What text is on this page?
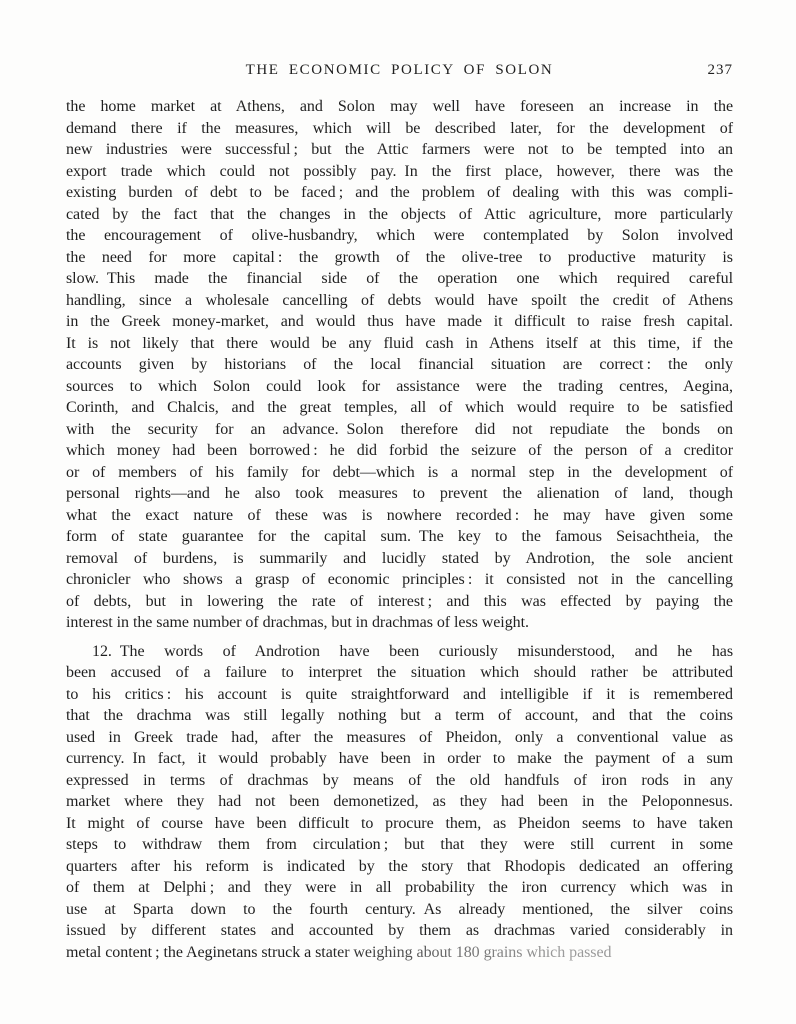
THE ECONOMIC POLICY OF SOLON	237
the home market at Athens, and Solon may well have foreseen an increase in the
demand there if the measures, which will be described later, for the development of
new industries were successful ; but the Attic farmers were not to be tempted into an
export trade which could not possibly pay. In the first place, however, there was the
existing burden of debt to be faced ; and the problem of dealing with this was compli-
cated by the fact that the changes in the objects of Attic agriculture, more particularly
the encouragement of olive-husbandry, which were contemplated by Solon involved
the need for more capital : the growth of the olive-tree to productive maturity is
slow. This made the financial side of the operation one which required careful
handling, since a wholesale cancelling of debts would have spoilt the credit of Athens
in the Greek money-market, and would thus have made it difficult to raise fresh capital.
It is not likely that there would be any fluid cash in Athens itself at this time, if the
accounts given by historians of the local financial situation are correct : the only
sources to which Solon could look for assistance were the trading centres, Aegina,
Corinth, and Chalcis, and the great temples, all of which would require to be satisfied
with the security for an advance. Solon therefore did not repudiate the bonds on
which money had been borrowed : he did forbid the seizure of the person of a creditor
or of members of his family for debt—which is a normal step in the development of
personal rights—and he also took measures to prevent the alienation of land, though
what the exact nature of these was is nowhere recorded : he may have given some
form of state guarantee for the capital sum. The key to the famous Seisachtheia, the
removal of burdens, is summarily and lucidly stated by Androtion, the sole ancient
chronicler who shows a grasp of economic principles : it consisted not in the cancelling
of debts, but in lowering the rate of interest ; and this was effected by paying the
interest in the same number of drachmas, but in drachmas of less weight.
12. The words of Androtion have been curiously misunderstood, and he has
been accused of a failure to interpret the situation which should rather be attributed
to his critics : his account is quite straightforward and intelligible if it is remembered
that the drachma was still legally nothing but a term of account, and that the coins
used in Greek trade had, after the measures of Pheidon, only a conventional value as
currency. In fact, it would probably have been in order to make the payment of a sum
expressed in terms of drachmas by means of the old handfuls of iron rods in any
market where they had not been demonetized, as they had been in the Peloponnesus.
It might of course have been difficult to procure them, as Pheidon seems to have taken
steps to withdraw them from circulation ; but that they were still current in some
quarters after his reform is indicated by the story that Rhodopis dedicated an offering
of them at Delphi ; and they were in all probability the iron currency which was in
use at Sparta down to the fourth century. As already mentioned, the silver coins
issued by different states and accounted by them as drachmas varied considerably in
metal content ; the Aeginetans struck a stater weighing about 180 grains which passed
